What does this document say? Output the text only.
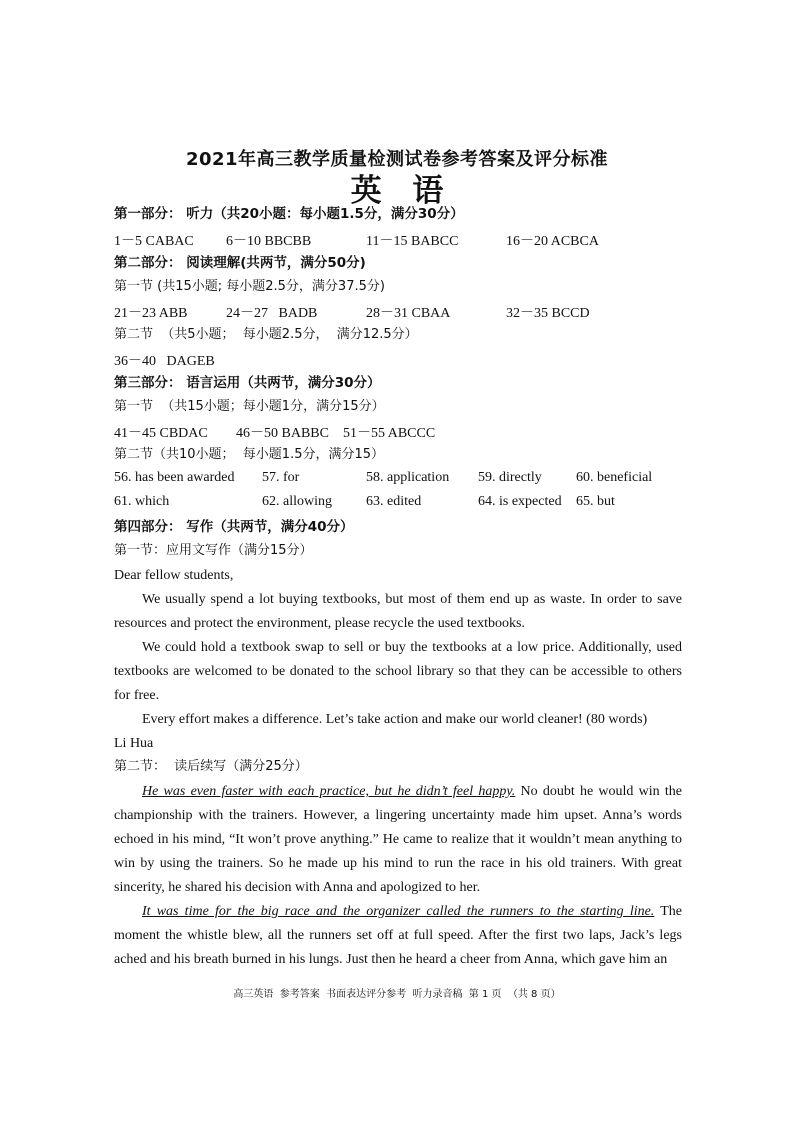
2021年高三教学质量检测试卷参考答案及评分标准
英 语
第一部分： 听力（共20小题：每小题1.5分，满分30分）
1－5 CABAC 6－10 BBCBB	11－15 BABCC	16－20 ACBCA
第二部分： 阅读理解(共两节，满分50分)
第一节 (共15小题; 每小题2.5分，满分37.5分)
21－23 ABB	24－27   BADB	28－31 CBAA	32－35 BCCD
第二节  （共5小题；  每小题2.5分，  满分12.5分）
36－40   DAGEB
第三部分： 语言运用（共两节，满分30分）
第一节  （共15小题；每小题1分，满分15分）
41－45 CBDAC 46－50 BABBC 51－55 ABCCC
第二节（共10小题；  每小题1.5分，满分15）
56. has been awarded 57. for	58. application 59. directly 60. beneficial
61. which	62. allowing 63. edited	64. is expected 65. but
第四部分： 写作（共两节，满分40分）
第一节：应用文写作（满分15分）
Dear fellow students,

We usually spend a lot buying textbooks, but most of them end up as waste. In order to save resources and protect the environment, please recycle the used textbooks.

We could hold a textbook swap to sell or buy the textbooks at a low price. Additionally, used textbooks are welcomed to be donated to the school library so that they can be accessible to others for free.

Every effort makes a difference. Let’s take action and make our world cleaner! (80 words)

Li Hua
第二节：  读后续写（满分25分）

He was even faster with each practice, but he didn’t feel happy. No doubt he would win the championship with the trainers. However, a lingering uncertainty made him upset. Anna’s words echoed in his mind, “It won’t prove anything.” He came to realize that it wouldn’t mean anything to win by using the trainers. So he made up his mind to run the race in his old trainers. With great sincerity, he shared his decision with Anna and apologized to her.

It was time for the big race and the organizer called the runners to the starting line. The moment the whistle blew, all the runners set off at full speed. After the first two laps, Jack’s legs ached and his breath burned in his lungs. Just then he heard a cheer from Anna, which gave him an

高三英语  参考答案  书面表达评分参考  听力录音稿  第 1 页  （共 8 页）
